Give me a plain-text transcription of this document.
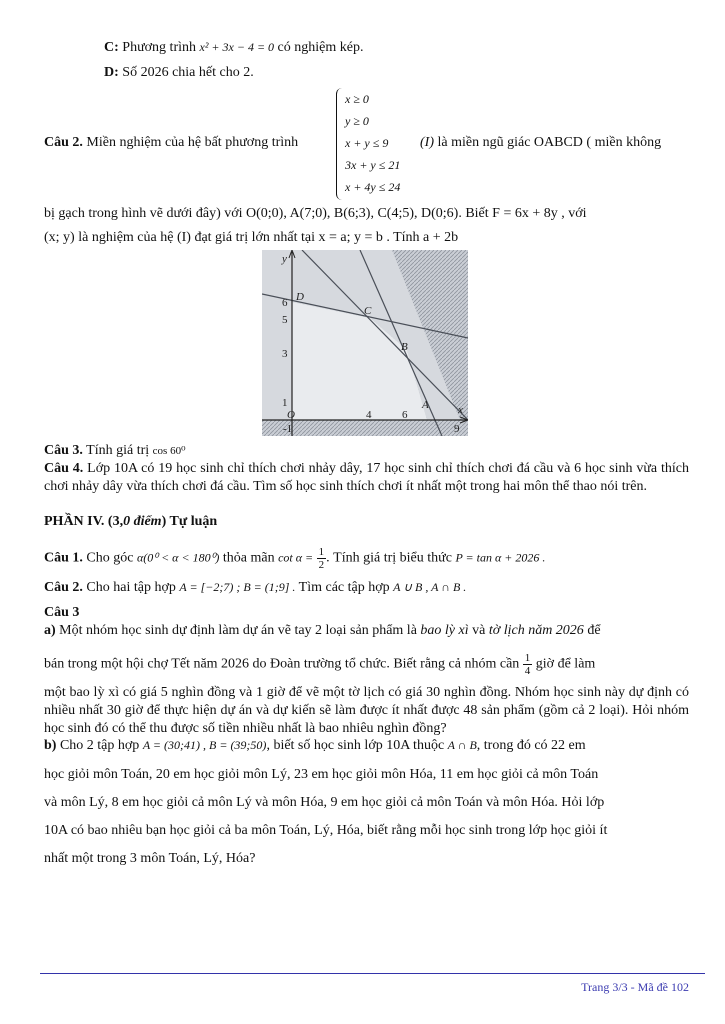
C: Phương trình x² + 3x − 4 = 0 có nghiệm kép.
D: Số 2026 chia hết cho 2.
x ≥ 0
y ≥ 0
x + y ≤ 9
3x + y ≤ 21
x + 4y ≤ 24
Câu 2. Miền nghiệm của hệ bất phương trình	(I) là miền ngũ giác OABCD ( miền không
bị gạch trong hình vẽ dưới đây) với O(0;0), A(7;0), B(6;3), C(4;5), D(0;6). Biết F = 6x + 8y , với
(x; y) là nghiệm của hệ (I) đạt giá trị lớn nhất tại x = a; y = b . Tính a + 2b
y
x
6
5
3
1
-1
4	6
9
O
D
C
B
A
Câu 3. Tính giá trị cos 60⁰
Câu 4. Lớp 10A có 19 học sinh chỉ thích chơi nhảy dây, 17 học sinh chỉ thích chơi đá cầu và 6 học sinh vừa thích chơi nhảy dây vừa thích chơi đá cầu. Tìm số học sinh thích chơi ít nhất một trong hai môn thể thao nói trên.
PHẦN IV. (3,0 điểm) Tự luận
Câu 1. Cho góc α(0⁰ < α < 180⁰) thỏa mãn $\cot \alpha = \frac{1}{2}$ . Tính giá trị biểu thức P = tan α + 2026 .
Câu 2. Cho hai tập hợp A = [−2;7) ; B = (1;9] . Tìm các tập hợp A ∪ B , A ∩ B .
Câu 3
a) Một nhóm học sinh dự định làm dự án vẽ tay 2 loại sản phẩm là bao lỳ xì và tờ lịch năm 2026 để
bán trong một hội chợ Tết năm 2026 do Đoàn trường tổ chức. Biết rằng cả nhóm cần $\frac{1}{4}$ giờ để làm
một bao lỳ xì có giá 5 nghìn đồng và 1 giờ để vẽ một tờ lịch có giá 30 nghìn đồng. Nhóm học sinh này dự định có nhiều nhất 30 giờ để thực hiện dự án và dự kiến sẽ làm được ít nhất được 48 sản phẩm (gồm cả 2 loại). Hỏi nhóm học sinh đó có thể thu được số tiền nhiều nhất là bao nhiêu nghìn đồng?
b) Cho 2 tập hợp A = (30;41) , B = (39;50), biết số học sinh lớp 10A thuộc A ∩ B, trong đó có 22 em
học giỏi môn Toán, 20 em học giỏi môn Lý, 23 em học giỏi môn Hóa, 11 em học giỏi cả môn Toán
và môn Lý, 8 em học giỏi cả môn Lý và môn Hóa, 9 em học giỏi cả môn Toán và môn Hóa. Hỏi lớp
10A có bao nhiêu bạn học giỏi cả ba môn Toán, Lý, Hóa, biết rằng mỗi học sinh trong lớp học giỏi ít
nhất một trong 3 môn Toán, Lý, Hóa?
Trang 3/3 - Mã đề 102
